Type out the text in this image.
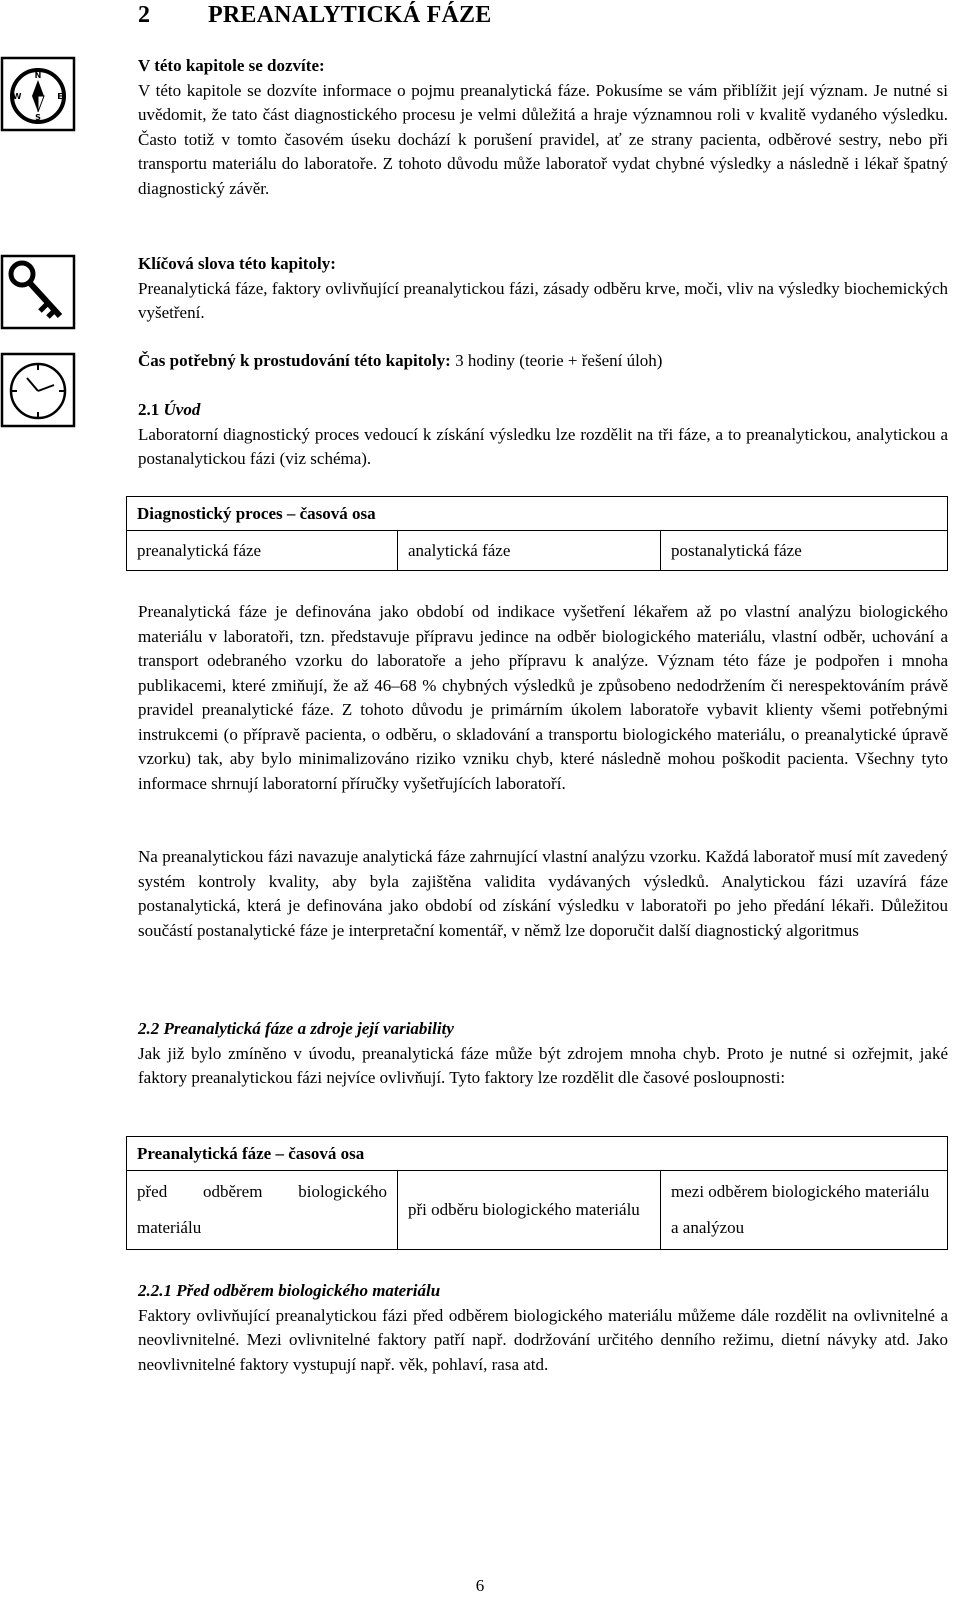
2 PREANALYTICKÁ FÁZE
N
E
S
W
V této kapitole se dozvíte:
V této kapitole se dozvíte informace o pojmu preanalytická fáze. Pokusíme se vám přiblížit její význam. Je nutné si uvědomit, že tato část diagnostického procesu je velmi důležitá a hraje významnou roli v kvalitě vydaného výsledku. Často totiž v tomto časovém úseku dochází k porušení pravidel, ať ze strany pacienta, odběrové sestry, nebo při transportu materiálu do laboratoře. Z tohoto důvodu může laboratoř vydat chybné výsledky a následně i lékař špatný diagnostický závěr.
Klíčová slova této kapitoly:
Preanalytická fáze, faktory ovlivňující preanalytickou fázi, zásady odběru krve, moči, vliv na výsledky biochemických vyšetření.
Čas potřebný k prostudování této kapitoly: 3 hodiny (teorie + řešení úloh)
2.1 Úvod
Laboratorní diagnostický proces vedoucí k získání výsledku lze rozdělit na tři fáze, a to preanalytickou, analytickou a postanalytickou fázi (viz schéma).
Diagnostický proces – časová osa
preanalytická fáze	analytická fáze	postanalytická fáze
Preanalytická fáze je definována jako období od indikace vyšetření lékařem až po vlastní analýzu biologického materiálu v laboratoři, tzn. představuje přípravu jedince na odběr biologického materiálu, vlastní odběr, uchování a transport odebraného vzorku do laboratoře a jeho přípravu k analýze. Význam této fáze je podpořen i mnoha publikacemi, které zmiňují, že až 46–68 % chybných výsledků je způsobeno nedodržením či nerespektováním právě pravidel preanalytické fáze. Z tohoto důvodu je primárním úkolem laboratoře vybavit klienty všemi potřebnými instrukcemi (o přípravě pacienta, o odběru, o skladování a transportu biologického materiálu, o preanalytické úpravě vzorku) tak, aby bylo minimalizováno riziko vzniku chyb, které následně mohou poškodit pacienta. Všechny tyto informace shrnují laboratorní příručky vyšetřujících laboratoří.
Na preanalytickou fázi navazuje analytická fáze zahrnující vlastní analýzu vzorku. Každá laboratoř musí mít zavedený systém kontroly kvality, aby byla zajištěna validita vydávaných výsledků. Analytickou fázi uzavírá fáze postanalytická, která je definována jako období od získání výsledku v laboratoři po jeho předání lékaři. Důležitou součástí postanalytické fáze je interpretační komentář, v němž lze doporučit další diagnostický algoritmus
2.2 Preanalytická fáze a zdroje její variability
Jak již bylo zmíněno v úvodu, preanalytická fáze může být zdrojem mnoha chyb. Proto je nutné si ozřejmit, jaké faktory preanalytickou fázi nejvíce ovlivňují. Tyto faktory lze rozdělit dle časové posloupnosti:
Preanalytická fáze – časová osa
před odběrem biologického materiálu	při odběru biologického materiálu	mezi odběrem biologického materiálu a analýzou
2.2.1 Před odběrem biologického materiálu
Faktory ovlivňující preanalytickou fázi před odběrem biologického materiálu můžeme dále rozdělit na ovlivnitelné a neovlivnitelné. Mezi ovlivnitelné faktory patří např. dodržování určitého denního režimu, dietní návyky atd. Jako neovlivnitelné faktory vystupují např. věk, pohlaví, rasa atd.
6
